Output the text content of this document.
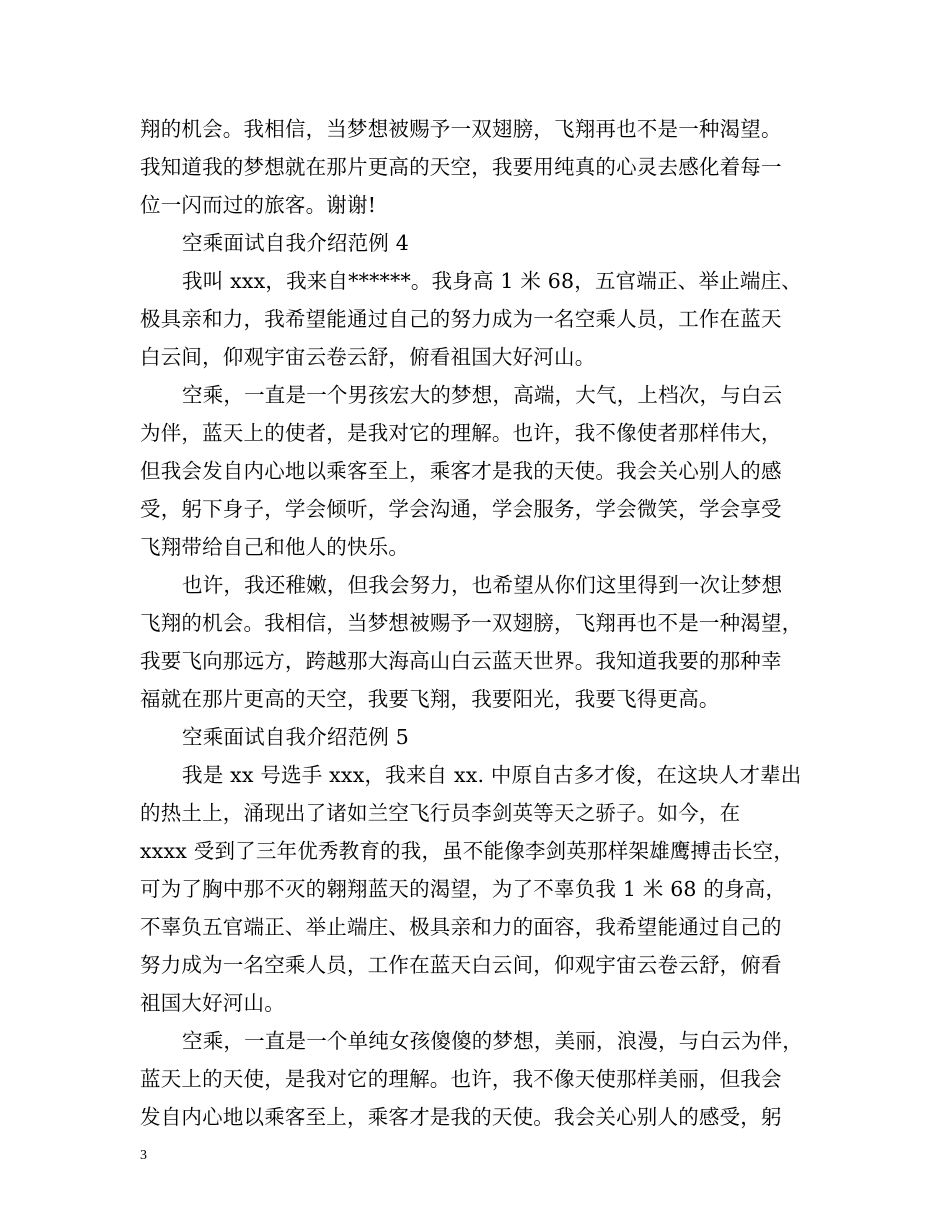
翔的机会。我相信，当梦想被赐予一双翅膀，飞翔再也不是一种渴望。
我知道我的梦想就在那片更高的天空，我要用纯真的心灵去感化着每一
位一闪而过的旅客。谢谢!
空乘面试自我介绍范例 4
我叫 xxx，我来自******。我身高 1 米 68，五官端正、举止端庄、
极具亲和力，我希望能通过自己的努力成为一名空乘人员，工作在蓝天
白云间，仰观宇宙云卷云舒，俯看祖国大好河山。
空乘，一直是一个男孩宏大的梦想，高端，大气，上档次，与白云
为伴，蓝天上的使者，是我对它的理解。也许，我不像使者那样伟大，
但我会发自内心地以乘客至上，乘客才是我的天使。我会关心别人的感
受，躬下身子，学会倾听，学会沟通，学会服务，学会微笑，学会享受
飞翔带给自己和他人的快乐。
也许，我还稚嫩，但我会努力，也希望从你们这里得到一次让梦想
飞翔的机会。我相信，当梦想被赐予一双翅膀，飞翔再也不是一种渴望，
我要飞向那远方，跨越那大海高山白云蓝天世界。我知道我要的那种幸
福就在那片更高的天空，我要飞翔，我要阳光，我要飞得更高。
空乘面试自我介绍范例 5
我是 xx 号选手 xxx，我来自 xx. 中原自古多才俊，在这块人才辈出
的热土上，涌现出了诸如兰空飞行员李剑英等天之骄子。如今，在
xxxx 受到了三年优秀教育的我，虽不能像李剑英那样架雄鹰搏击长空，
可为了胸中那不灭的翱翔蓝天的渴望，为了不辜负我 1 米 68 的身高，
不辜负五官端正、举止端庄、极具亲和力的面容，我希望能通过自己的
努力成为一名空乘人员，工作在蓝天白云间，仰观宇宙云卷云舒，俯看
祖国大好河山。
空乘，一直是一个单纯女孩傻傻的梦想，美丽，浪漫，与白云为伴，
蓝天上的天使，是我对它的理解。也许，我不像天使那样美丽，但我会
发自内心地以乘客至上，乘客才是我的天使。我会关心别人的感受，躬
3
